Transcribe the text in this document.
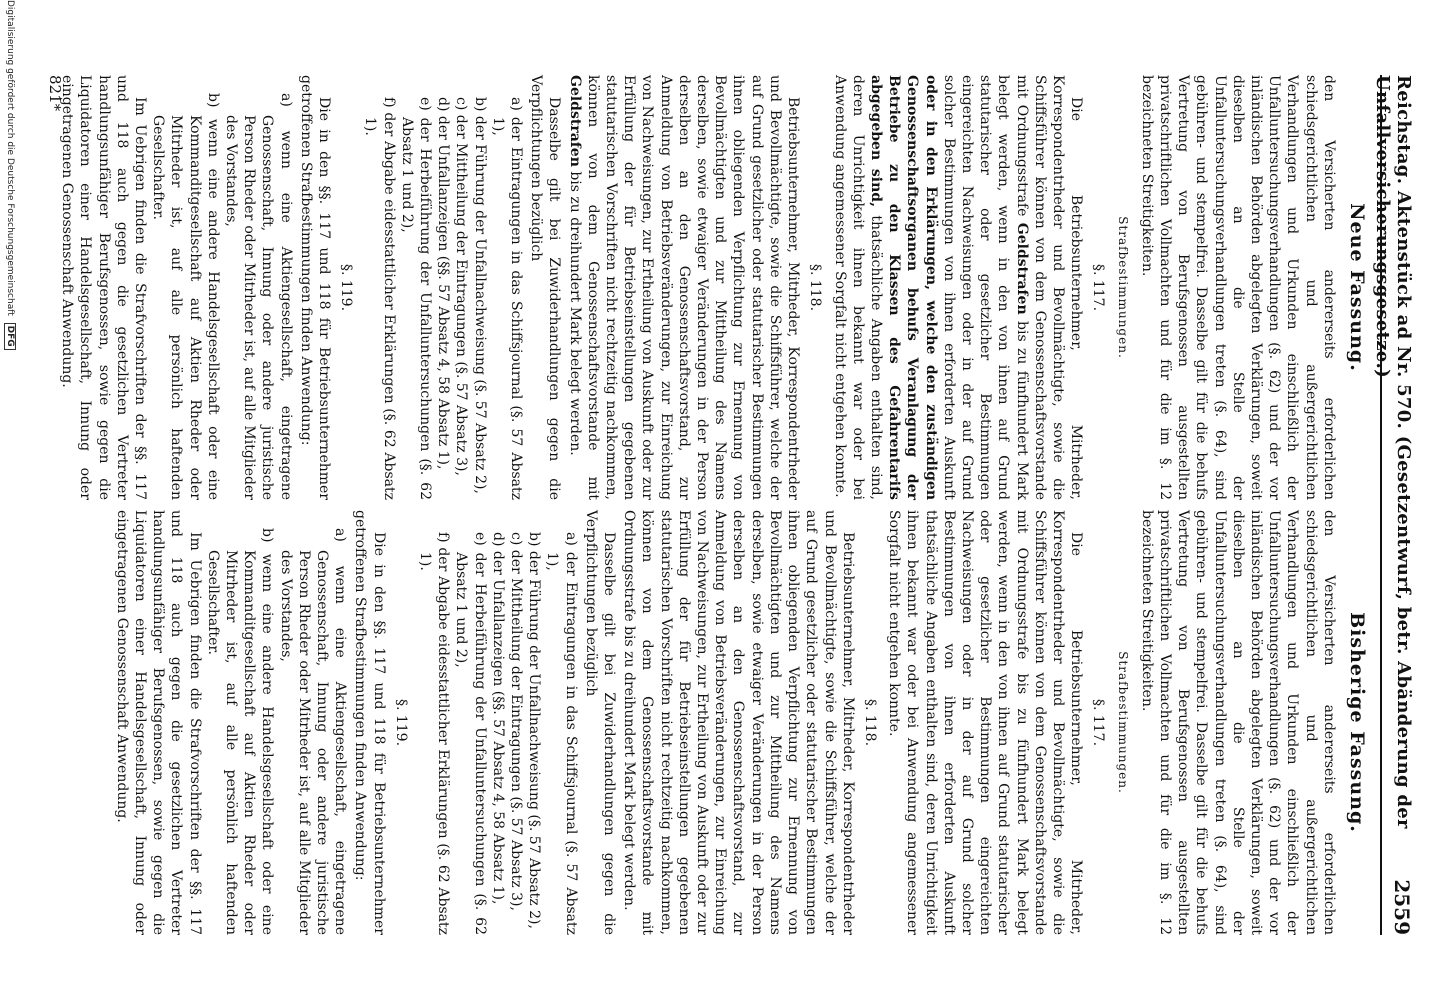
Reichstag. Aktenstück ad Nr. 570. (Gesetzentwurf, betr. Abänderung der Unfallversicherungsgesetze.)
2559
Neue Fassung.

den Versicherten andererseits erforderlichen schiedsgerichtlichen und außergerichtlichen Verhandlungen und Urkunden einschließlich der Unfalluntersuchungsverhandlungen (§. 62) und der vor inländischen Behörden abgelegten Verklärungen, soweit dieselben an die Stelle der Unfalluntersuchungsverhandlungen treten (§. 64), sind gebühren- und stempelfrei. Dasselbe gilt für die behufs Vertretung von Berufsgenossen ausgestellten privatschriftlichen Vollmachten und für die im §. 12 bezeichneten Streitigkeiten.

Strafbestimmungen.
§. 117.

Die Betriebsunternehmer, Mitrheder, Korrespondentrheder und Bevollmächtigte, sowie die Schiffsführer können von dem Genossenschaftsvorstande mit Ordnungsstrafe Geldstrafen bis zu fünfhundert Mark belegt werden, wenn in den von ihnen auf Grund statutarischer oder gesetzlicher Bestimmungen eingereichten Nachweisungen oder in der auf Grund solcher Bestimmungen von ihnen erforderten Auskunft oder in den Erklärungen, welche den zuständigen Genossenschaftsorganen behufs Veranlagung der Betriebe zu den Klassen des Gefahrentarifs abgegeben sind, thatsächliche Angaben enthalten sind, deren Unrichtigkeit ihnen bekannt war oder bei Anwendung angemessener Sorgfalt nicht entgehen konnte.

§. 118.

Betriebsunternehmer, Mitrheder, Korrespondentrheder und Bevollmächtigte, sowie die Schiffsführer, welche der auf Grund gesetzlicher oder statutarischer Bestimmungen ihnen obliegenden Verpflichtung zur Ernennung von Bevollmächtigten und zur Mittheilung des Namens derselben, sowie etwaiger Veränderungen in der Person derselben an den Genossenschaftsvorstand, zur Anmeldung von Betriebsveränderungen, zur Einreichung von Nachweisungen, zur Ertheilung von Auskunft oder zur Erfüllung der für Betriebseinstellungen gegebenen statutarischen Vorschriften nicht rechtzeitig nachkommen, können von dem Genossenschaftsvorstande mit Geldstrafen bis zu dreihundert Mark belegt werden.

Dasselbe gilt bei Zuwiderhandlungen gegen die Verpflichtungen bezüglich

a) der Eintragungen in das Schiffsjournal (§. 57 Absatz 1),
b) der Führung der Unfallnachweisung (§. 57 Absatz 2),
c) der Mittheilung der Eintragungen (§. 57 Absatz 3),
d) der Unfallanzeigen (§§. 57 Absatz 4, 58 Absatz 1),
e) der Herbeiführung der Unfalluntersuchungen (§. 62 Absatz 1 und 2),
f) der Abgabe eidesstattlicher Erklärungen (§. 62 Absatz 1).
§. 119.

Die in den §§. 117 und 118 für Betriebsunternehmer getroffenen Strafbestimmungen finden Anwendung:

a) wenn eine Aktiengesellschaft, eingetragene Genossenschaft, Innung oder andere juristische Person Rheder oder Mitrheder ist, auf alle Mitglieder des Vorstandes,
b) wenn eine andere Handelsgesellschaft oder eine Kommanditgesellschaft auf Aktien Rheder oder Mitrheder ist, auf alle persönlich haftenden Gesellschafter.

Im Uebrigen finden die Strafvorschriften der §§. 117 und 118 auch gegen die gesetzlichen Vertreter handlungsunfähiger Berufsgenossen, sowie gegen die Liquidatoren einer Handelsgesellschaft, Innung oder eingetragenen Genossenschaft Anwendung.

Bisherige Fassung.

den Versicherten andererseits erforderlichen schiedsgerichtlichen und außergerichtlichen Verhandlungen und Urkunden einschließlich der Unfalluntersuchungsverhandlungen (§. 62) und der vor inländischen Behörden abgelegten Verklärungen, soweit dieselben an die Stelle der Unfalluntersuchungsverhandlungen treten (§. 64), sind gebühren- und stempelfrei. Dasselbe gilt für die behufs Vertretung von Berufsgenossen ausgestellten privatschriftlichen Vollmachten und für die im §. 12 bezeichneten Streitigkeiten.

Strafbestimmungen.
§. 117.

Die Betriebsunternehmer, Mitrheder, Korrespondentrheder und Bevollmächtigte, sowie die Schiffsführer können von dem Genossenschaftsvorstande mit Ordnungsstrafe bis zu fünfhundert Mark belegt werden, wenn in den von ihnen auf Grund statutarischer oder gesetzlicher Bestimmungen eingereichten Nachweisungen oder in der auf Grund solcher Bestimmungen von ihnen erforderten Auskunft thatsächliche Angaben enthalten sind, deren Unrichtigkeit ihnen bekannt war oder bei Anwendung angemessener Sorgfalt nicht entgehen konnte.

§. 118.

Betriebsunternehmer, Mitrheder, Korrespondentrheder und Bevollmächtigte, sowie die Schiffsführer, welche der auf Grund gesetzlicher oder statutarischer Bestimmungen ihnen obliegenden Verpflichtung zur Ernennung von Bevollmächtigten und zur Mittheilung des Namens derselben, sowie etwaiger Veränderungen in der Person derselben an den Genossenschaftsvorstand, zur Anmeldung von Betriebsveränderungen, zur Einreichung von Nachweisungen, zur Ertheilung von Auskunft oder zur Erfüllung der für Betriebseinstellungen gegebenen statutarischen Vorschriften nicht rechtzeitig nachkommen, können von dem Genossenschaftsvorstande mit Ordnungsstrafe bis zu dreihundert Mark belegt werden.

Dasselbe gilt bei Zuwiderhandlungen gegen die Verpflichtungen bezüglich

a) der Eintragungen in das Schiffsjournal (§. 57 Absatz 1),
b) der Führung der Unfallnachweisung (§. 57 Absatz 2),
c) der Mittheilung der Eintragungen (§. 57 Absatz 3),
d) der Unfallanzeigen (§§. 57 Absatz 4, 58 Absatz 1),
e) der Herbeiführung der Unfalluntersuchungen (§. 62 Absatz 1 und 2),
f) der Abgabe eidesstattlicher Erklärungen (§. 62 Absatz 1).
§. 119.

Die in den §§. 117 und 118 für Betriebsunternehmer getroffenen Strafbestimmungen finden Anwendung:

a) wenn eine Aktiengesellschaft, eingetragene Genossenschaft, Innung oder andere juristische Person Rheder oder Mitrheder ist, auf alle Mitglieder des Vorstandes,
b) wenn eine andere Handelsgesellschaft oder eine Kommanditgesellschaft auf Aktien Rheder oder Mitrheder ist, auf alle persönlich haftenden Gesellschafter.

Im Uebrigen finden die Strafvorschriften der §§. 117 und 118 auch gegen die gesetzlichen Vertreter handlungsunfähiger Berufsgenossen, sowie gegen die Liquidatoren einer Handelsgesellschaft, Innung oder eingetragenen Genossenschaft Anwendung.

821*
Digitalisierung gefördert durch die Deutsche Forschungsgemeinschaft DFG
